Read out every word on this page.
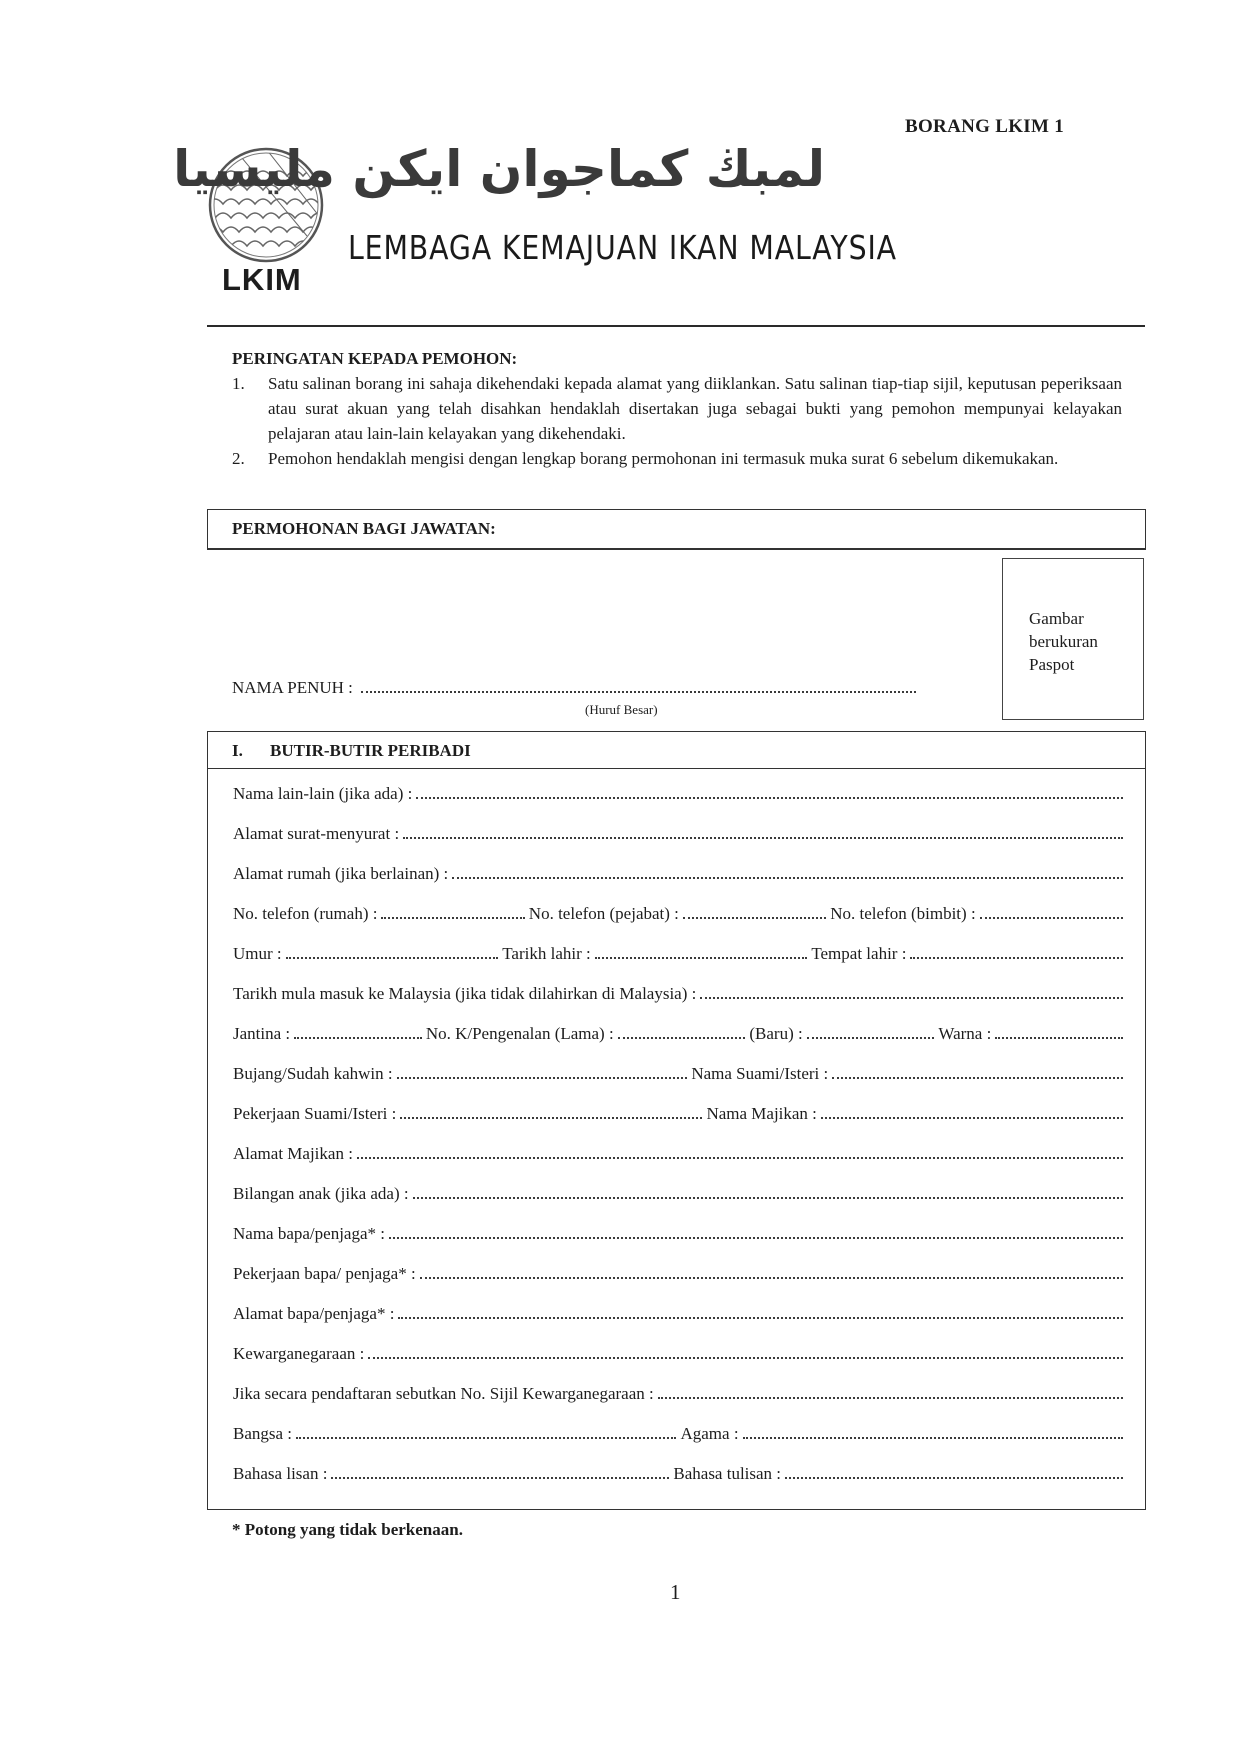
BORANG LKIM 1
LKIM
لمبڬ کماجوان ايکن مليسيا
LEMBAGA KEMAJUAN IKAN MALAYSIA
PERINGATAN KEPADA PEMOHON:
1. Satu salinan borang ini sahaja dikehendaki kepada alamat yang diiklankan. Satu salinan tiap-tiap sijil, keputusan peperiksaan atau surat akuan yang telah disahkan hendaklah disertakan juga sebagai bukti yang pemohon mempunyai kelayakan pelajaran atau lain-lain kelayakan yang dikehendaki.
2. Pemohon hendaklah mengisi dengan lengkap borang permohonan ini termasuk muka surat 6 sebelum dikemukakan.
PERMOHONAN BAGI JAWATAN:
Gambar
berukuran
Paspot
NAMA PENUH :
(Huruf Besar)
I. BUTIR-BUTIR PERIBADI
Nama lain-lain (jika ada) :
Alamat surat-menyurat :
Alamat rumah (jika berlainan) :
No. telefon (rumah) :	No. telefon (pejabat) :	No. telefon (bimbit) :
Umur :	Tarikh lahir :	Tempat lahir :
Tarikh mula masuk ke Malaysia (jika tidak dilahirkan di Malaysia) :
Jantina :	No. K/Pengenalan (Lama) :	(Baru) :	Warna :
Bujang/Sudah kahwin :	Nama Suami/Isteri :
Pekerjaan Suami/Isteri :	Nama Majikan :
Alamat Majikan :
Bilangan anak (jika ada) :
Nama bapa/penjaga* :
Pekerjaan bapa/ penjaga* :
Alamat bapa/penjaga* :
Kewarganegaraan :
Jika secara pendaftaran sebutkan No. Sijil Kewarganegaraan :
Bangsa :	Agama :
Bahasa lisan :	Bahasa tulisan :
* Potong yang tidak berkenaan.
1
